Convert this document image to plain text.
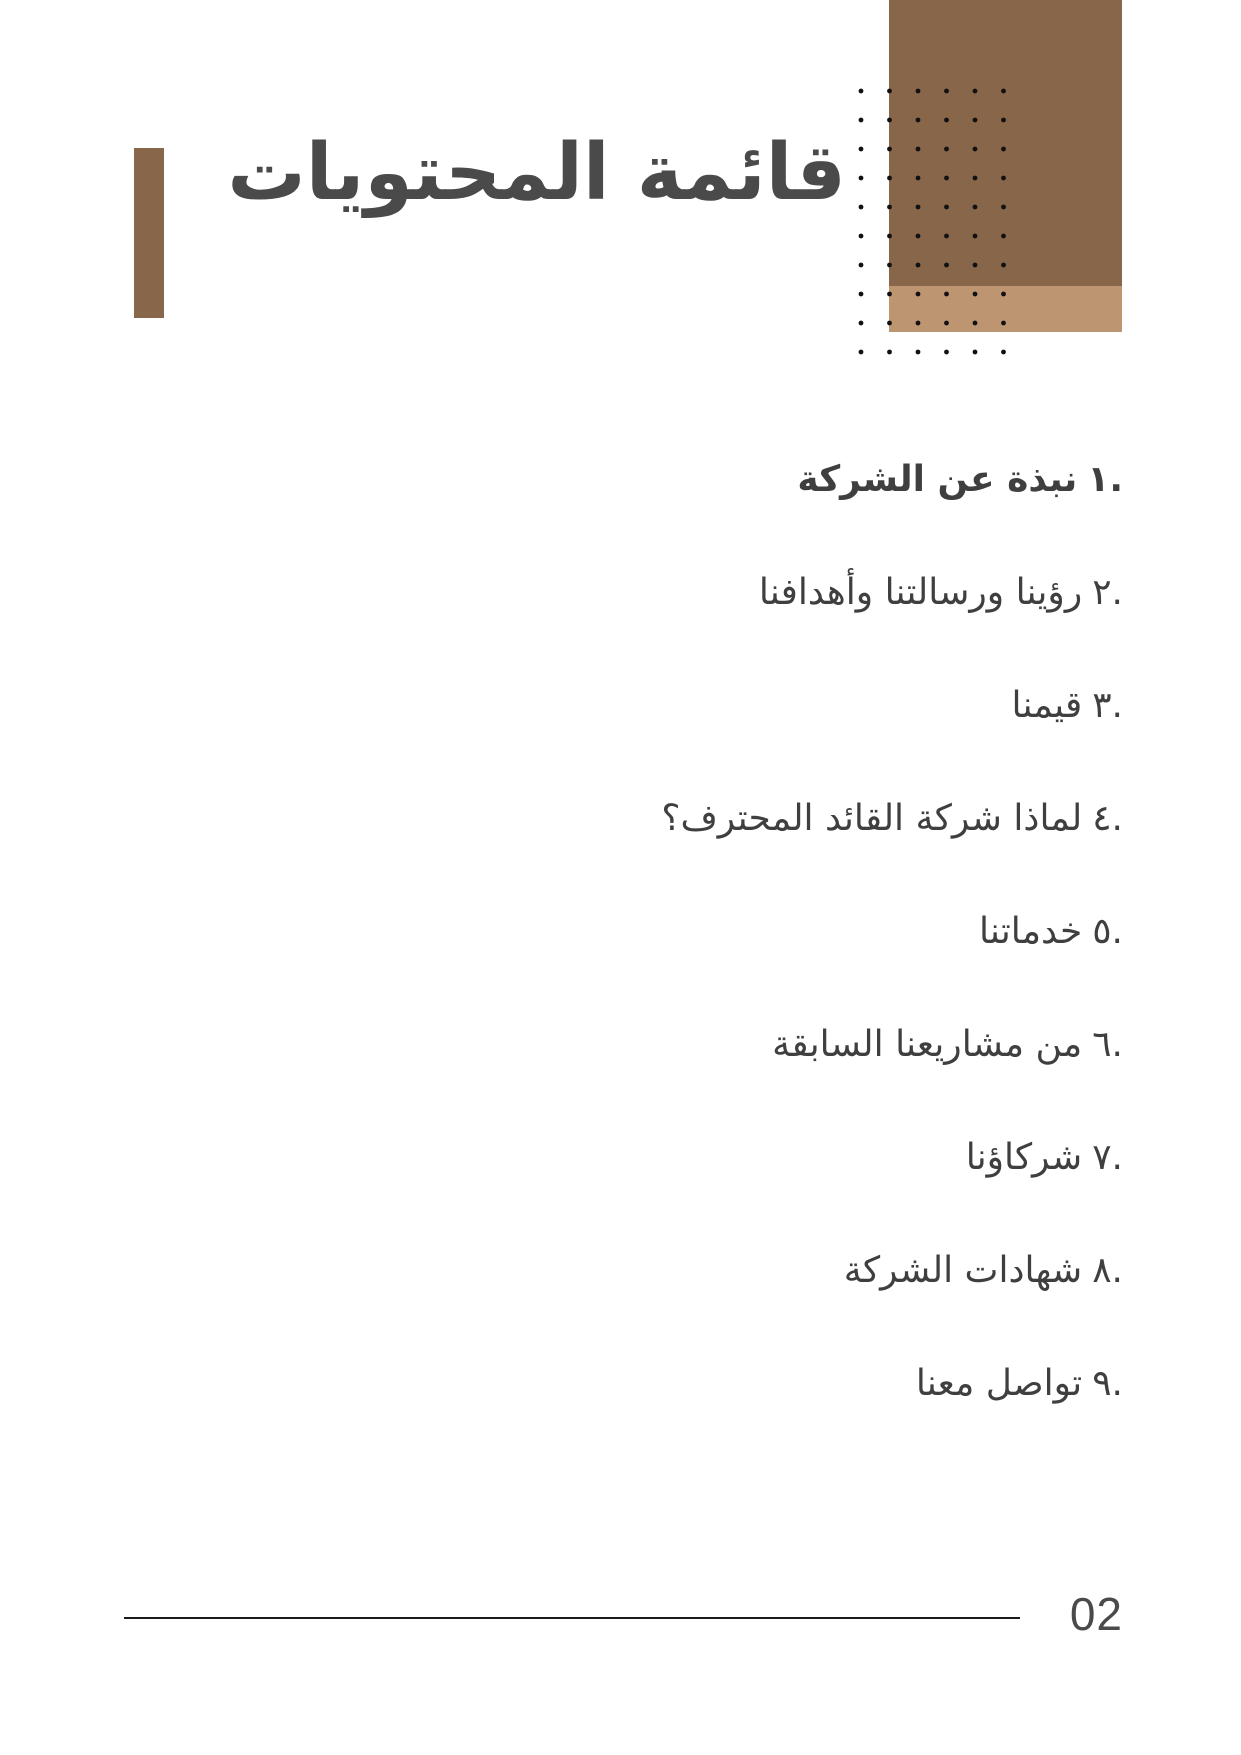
قائمة المحتويات
.١نبذة عن الشركة
.٢رؤينا ورسالتنا وأهدافنا
.٣قيمنا
.٤لماذا شركة القائد المحترف؟
.٥خدماتنا
.٦من مشاريعنا السابقة
.٧شركاؤنا
.٨شهادات الشركة
.٩تواصل معنا
02
